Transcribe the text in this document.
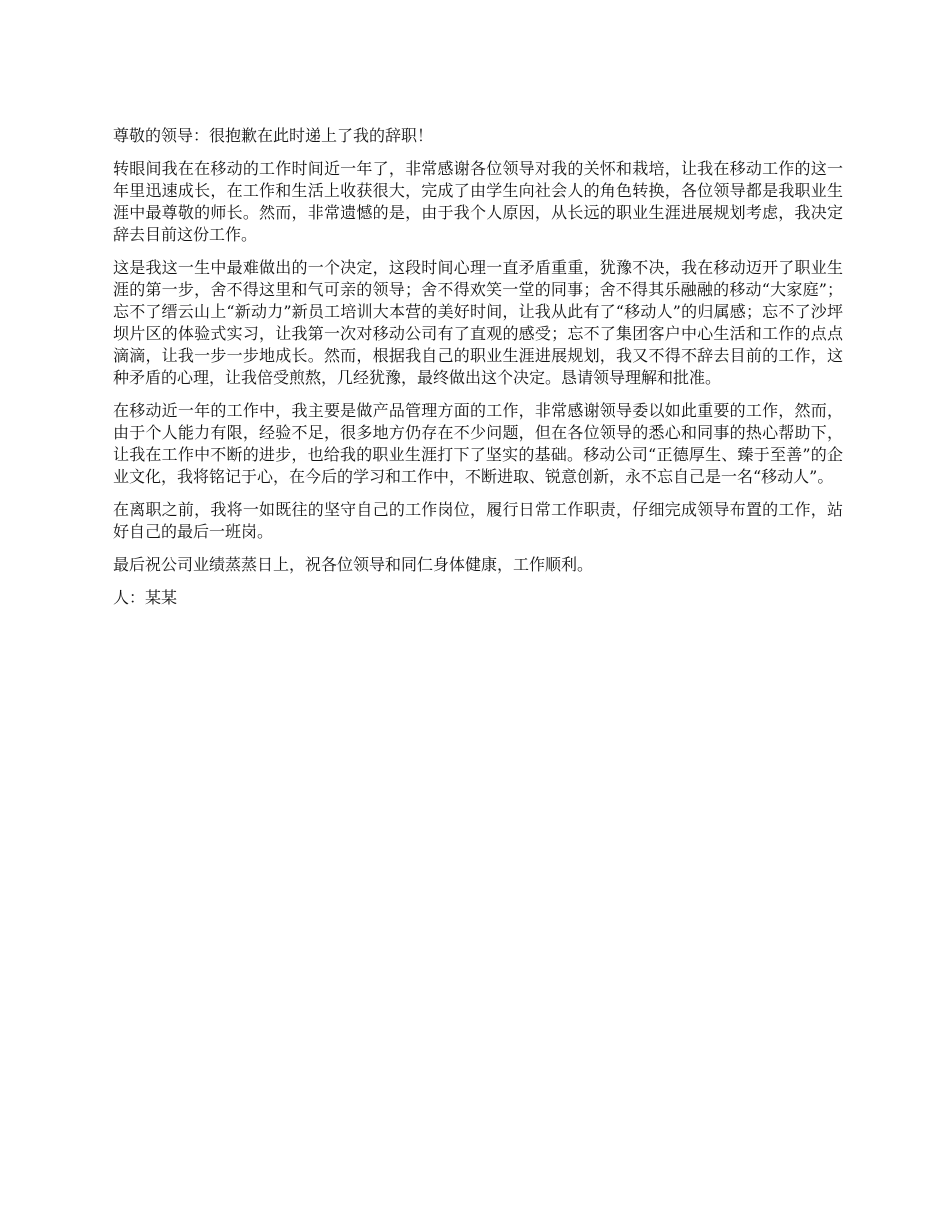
尊敬的领导：很抱歉在此时递上了我的辞职！

转眼间我在在移动的工作时间近一年了，非常感谢各位领导对我的关怀和栽培，让我在移动工作的这一年里迅速成长，在工作和生活上收获很大，完成了由学生向社会人的角色转换，各位领导都是我职业生涯中最尊敬的师长。然而，非常遗憾的是，由于我个人原因，从长远的职业生涯进展规划考虑，我决定辞去目前这份工作。

这是我这一生中最难做出的一个决定，这段时间心理一直矛盾重重，犹豫不决，我在移动迈开了职业生涯的第一步，舍不得这里和气可亲的领导；舍不得欢笑一堂的同事；舍不得其乐融融的移动“大家庭”；忘不了缙云山上“新动力”新员工培训大本营的美好时间，让我从此有了“移动人”的归属感；忘不了沙坪坝片区的体验式实习，让我第一次对移动公司有了直观的感受；忘不了集团客户中心生活和工作的点点滴滴，让我一步一步地成长。然而，根据我自己的职业生涯进展规划，我又不得不辞去目前的工作，这种矛盾的心理，让我倍受煎熬，几经犹豫，最终做出这个决定。恳请领导理解和批准。

在移动近一年的工作中，我主要是做产品管理方面的工作，非常感谢领导委以如此重要的工作，然而，由于个人能力有限，经验不足，很多地方仍存在不少问题，但在各位领导的悉心和同事的热心帮助下，让我在工作中不断的进步，也给我的职业生涯打下了坚实的基础。移动公司“正德厚生、臻于至善”的企业文化，我将铭记于心，在今后的学习和工作中，不断进取、锐意创新，永不忘自己是一名“移动人”。

在离职之前，我将一如既往的坚守自己的工作岗位，履行日常工作职责，仔细完成领导布置的工作，站好自己的最后一班岗。

最后祝公司业绩蒸蒸日上，祝各位领导和同仁身体健康，工作顺利。

人：某某
